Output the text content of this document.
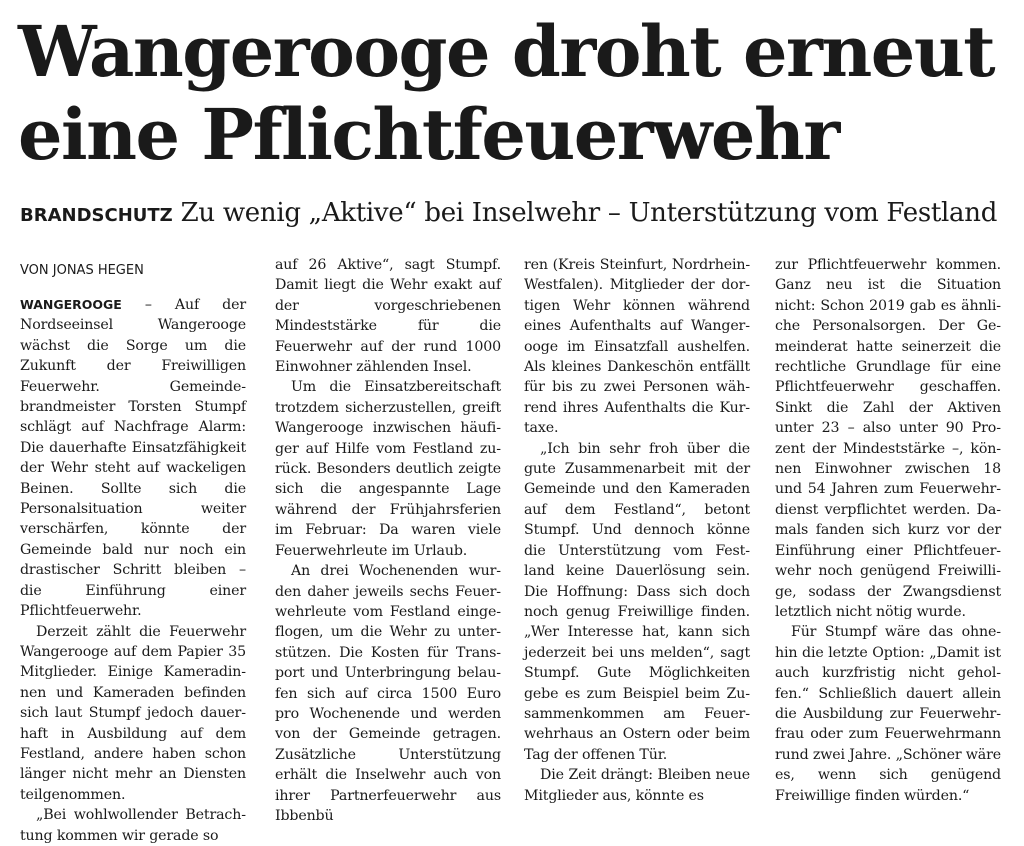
Wangerooge droht erneut eine Pflichtfeuerwehr
BRANDSCHUTZ Zu wenig „Aktive“ bei Inselwehr – Unterstützung vom Festland
VON JONAS HEGEN

WANGEROOGE – Auf der Nordseeinsel Wangerooge wächst die Sorge um die Zukunft der Freiwilligen Feuerwehr. Gemeindebrandmeister Torsten Stumpf schlägt auf Nachfrage Alarm: Die dauerhafte Einsatzfähigkeit der Wehr steht auf wackeligen Beinen. Sollte sich die Personalsituation weiter verschärfen, könnte der Gemeinde bald nur noch ein drastischer Schritt bleiben – die Einführung einer Pflichtfeuerwehr.

Derzeit zählt die Feuerwehr Wangerooge auf dem Papier 35 Mitglieder. Einige Kameradinnen und Kameraden befinden sich laut Stumpf jedoch dauerhaft in Ausbildung auf dem Festland, andere haben schon länger nicht mehr an Diensten teilgenommen.

„Bei wohlwollender Betrachtung kommen wir gerade so

auf 26 Aktive“, sagt Stumpf. Damit liegt die Wehr exakt auf der vorgeschriebenen Mindeststärke für die Feuerwehr auf der rund 1000 Einwohner zählenden Insel.

Um die Einsatzbereitschaft trotzdem sicherzustellen, greift Wangerooge inzwischen häufiger auf Hilfe vom Festland zurück. Besonders deutlich zeigte sich die angespannte Lage während der Frühjahrsferien im Februar: Da waren viele Feuerwehrleute im Urlaub.

An drei Wochenenden wurden daher jeweils sechs Feuerwehrleute vom Festland eingeflogen, um die Wehr zu unterstützen. Die Kosten für Transport und Unterbringung belaufen sich auf circa 1500 Euro pro Wochenende und werden von der Gemeinde getragen. Zusätzliche Unterstützung erhält die Inselwehr auch von ihrer Partnerfeuerwehr aus Ibbenbü

ren (Kreis Steinfurt, Nordrhein-Westfalen). Mitglieder der dortigen Wehr können während eines Aufenthalts auf Wangerooge im Einsatzfall aushelfen. Als kleines Dankeschön entfällt für bis zu zwei Personen während ihres Aufenthalts die Kurtaxe.

„Ich bin sehr froh über die gute Zusammenarbeit mit der Gemeinde und den Kameraden auf dem Festland“, betont Stumpf. Und dennoch könne die Unterstützung vom Festland keine Dauerlösung sein. Die Hoffnung: Dass sich doch noch genug Freiwillige finden. „Wer Interesse hat, kann sich jederzeit bei uns melden“, sagt Stumpf. Gute Möglichkeiten gebe es zum Beispiel beim Zusammenkommen am Feuerwehrhaus an Ostern oder beim Tag der offenen Tür.

Die Zeit drängt: Bleiben neue Mitglieder aus, könnte es

zur Pflichtfeuerwehr kommen. Ganz neu ist die Situation nicht: Schon 2019 gab es ähnliche Personalsorgen. Der Gemeinderat hatte seinerzeit die rechtliche Grundlage für eine Pflichtfeuerwehr geschaffen. Sinkt die Zahl der Aktiven unter 23 – also unter 90 Prozent der Mindeststärke –, können Einwohner zwischen 18 und 54 Jahren zum Feuerwehrdienst verpflichtet werden. Damals fanden sich kurz vor der Einführung einer Pflichtfeuerwehr noch genügend Freiwillige, sodass der Zwangsdienst letztlich nicht nötig wurde.

Für Stumpf wäre das ohnehin die letzte Option: „Damit ist auch kurzfristig nicht geholfen.“ Schließlich dauert allein die Ausbildung zur Feuerwehrfrau oder zum Feuerwehrmann rund zwei Jahre. „Schöner wäre es, wenn sich genügend Freiwillige finden würden.“
